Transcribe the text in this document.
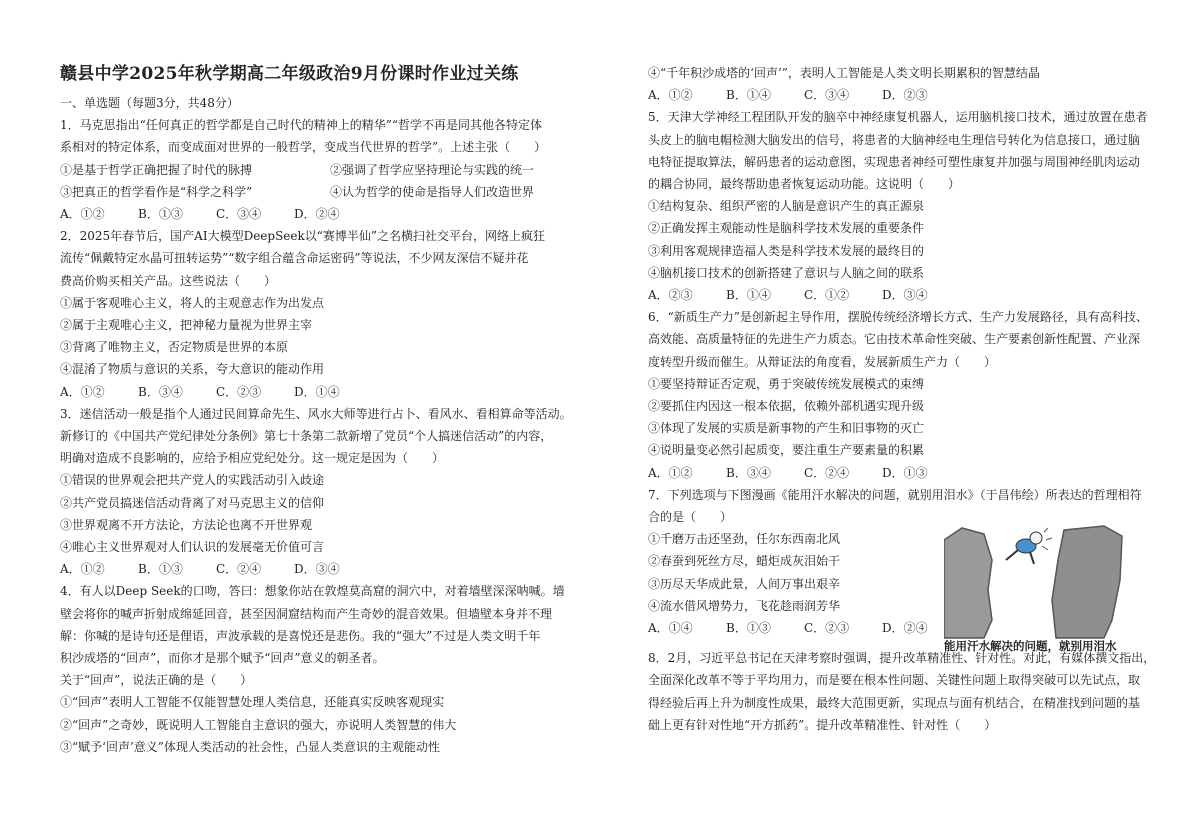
赣县中学2025年秋学期高二年级政治9月份课时作业过关练
一、单选题（每题3分，共48分）
1．马克思指出“任何真正的哲学都是自己时代的精神上的精华”“哲学不再是同其他各特定体
系相对的特定体系，而变成面对世界的一般哲学，变成当代世界的哲学”。上述主张（　　）
①是基于哲学正确把握了时代的脉搏	②强调了哲学应坚持理论与实践的统一
③把真正的哲学看作是“科学之科学”	④认为哲学的使命是指导人们改造世界
A．①②	B．①③	C．③④	D．②④
2．2025年春节后，国产AI大模型DeepSeek以“赛博半仙”之名横扫社交平台，网络上疯狂
流传“佩戴特定水晶可扭转运势”“数字组合蕴含命运密码”等说法，不少网友深信不疑并花
费高价购买相关产品。这些说法（　　）
①属于客观唯心主义，将人的主观意志作为出发点
②属于主观唯心主义，把神秘力量视为世界主宰
③背离了唯物主义，否定物质是世界的本原
④混淆了物质与意识的关系，夸大意识的能动作用
A．①②	B．③④	C．②③	D．①④
3．迷信活动一般是指个人通过民间算命先生、风水大师等进行占卜、看风水、看相算命等活动。
新修订的《中国共产党纪律处分条例》第七十条第二款新增了党员“个人搞迷信活动”的内容，
明确对造成不良影响的，应给予相应党纪处分。这一规定是因为（　　）
①错误的世界观会把共产党人的实践活动引入歧途
②共产党员搞迷信活动背离了对马克思主义的信仰
③世界观离不开方法论，方法论也离不开世界观
④唯心主义世界观对人们认识的发展毫无价值可言
A．①②	B．①③	C．②④	D．③④
4．有人以Deep Seek的口吻，答曰：想象你站在敦煌莫高窟的洞穴中，对着墙壁深深呐喊。墙
壁会将你的喊声折射成绵延回音，甚至因洞窟结构而产生奇妙的混音效果。但墙壁本身并不理
解：你喊的是诗句还是俚语，声波承载的是喜悦还是悲伤。我的“强大”不过是人类文明千年
积沙成塔的“回声”，而你才是那个赋予“回声”意义的朝圣者。
关于“回声”，说法正确的是（　　）
①“回声”表明人工智能不仅能智慧处理人类信息，还能真实反映客观现实
②“回声”之奇妙，既说明人工智能自主意识的强大，亦说明人类智慧的伟大
③“赋予‘回声’意义”体现人类活动的社会性，凸显人类意识的主观能动性
④“千年积沙成塔的‘回声’”，表明人工智能是人类文明长期累积的智慧结晶
A．①②	B．①④	C．③④	D．②③
5．天津大学神经工程团队开发的脑卒中神经康复机器人，运用脑机接口技术，通过放置在患者
头皮上的脑电帽检测大脑发出的信号，将患者的大脑神经电生理信号转化为信息接口，通过脑
电特征提取算法，解码患者的运动意图，实现患者神经可塑性康复并加强与周围神经肌肉运动
的耦合协同，最终帮助患者恢复运动功能。这说明（　　）
①结构复杂、组织严密的人脑是意识产生的真正源泉
②正确发挥主观能动性是脑科学技术发展的重要条件
③利用客观规律造福人类是科学技术发展的最终目的
④脑机接口技术的创新搭建了意识与人脑之间的联系
A．②③	B．①④	C．①②	D．③④
6．“新质生产力”是创新起主导作用，摆脱传统经济增长方式、生产力发展路径，具有高科技、
高效能、高质量特征的先进生产力质态。它由技术革命性突破、生产要素创新性配置、产业深
度转型升级而催生。从辩证法的角度看，发展新质生产力（　　）
①要坚持辩证否定观，勇于突破传统发展模式的束缚
②要抓住内因这一根本依据，依赖外部机遇实现升级
③体现了发展的实质是新事物的产生和旧事物的灭亡
④说明量变必然引起质变，要注重生产要素量的积累
A．①②	B．③④	C．②④	D．①③
7．下列选项与下图漫画《能用汗水解决的问题，就别用泪水》（于昌伟绘）所表达的哲理相符
合的是（　　）
①千磨万击还坚劲，任尔东西南北风
②春蚕到死丝方尽，蜡炬成灰泪始干
③历尽天华成此景，人间万事出艰辛
④流水借风增势力，飞花趁雨润芳华
A．①④	B．①③	C．②③	D．②④
8．2月，习近平总书记在天津考察时强调，提升改革精准性、针对性。对此，有媒体撰文指出，
全面深化改革不等于平均用力，而是要在根本性问题、关键性问题上取得突破可以先试点，取
得经验后再上升为制度性成果，最终大范围更新，实现点与面有机结合，在精准找到问题的基
础上更有针对性地“开方抓药”。提升改革精准性、针对性（　　）
能用汗水解决的问题，就别用泪水
